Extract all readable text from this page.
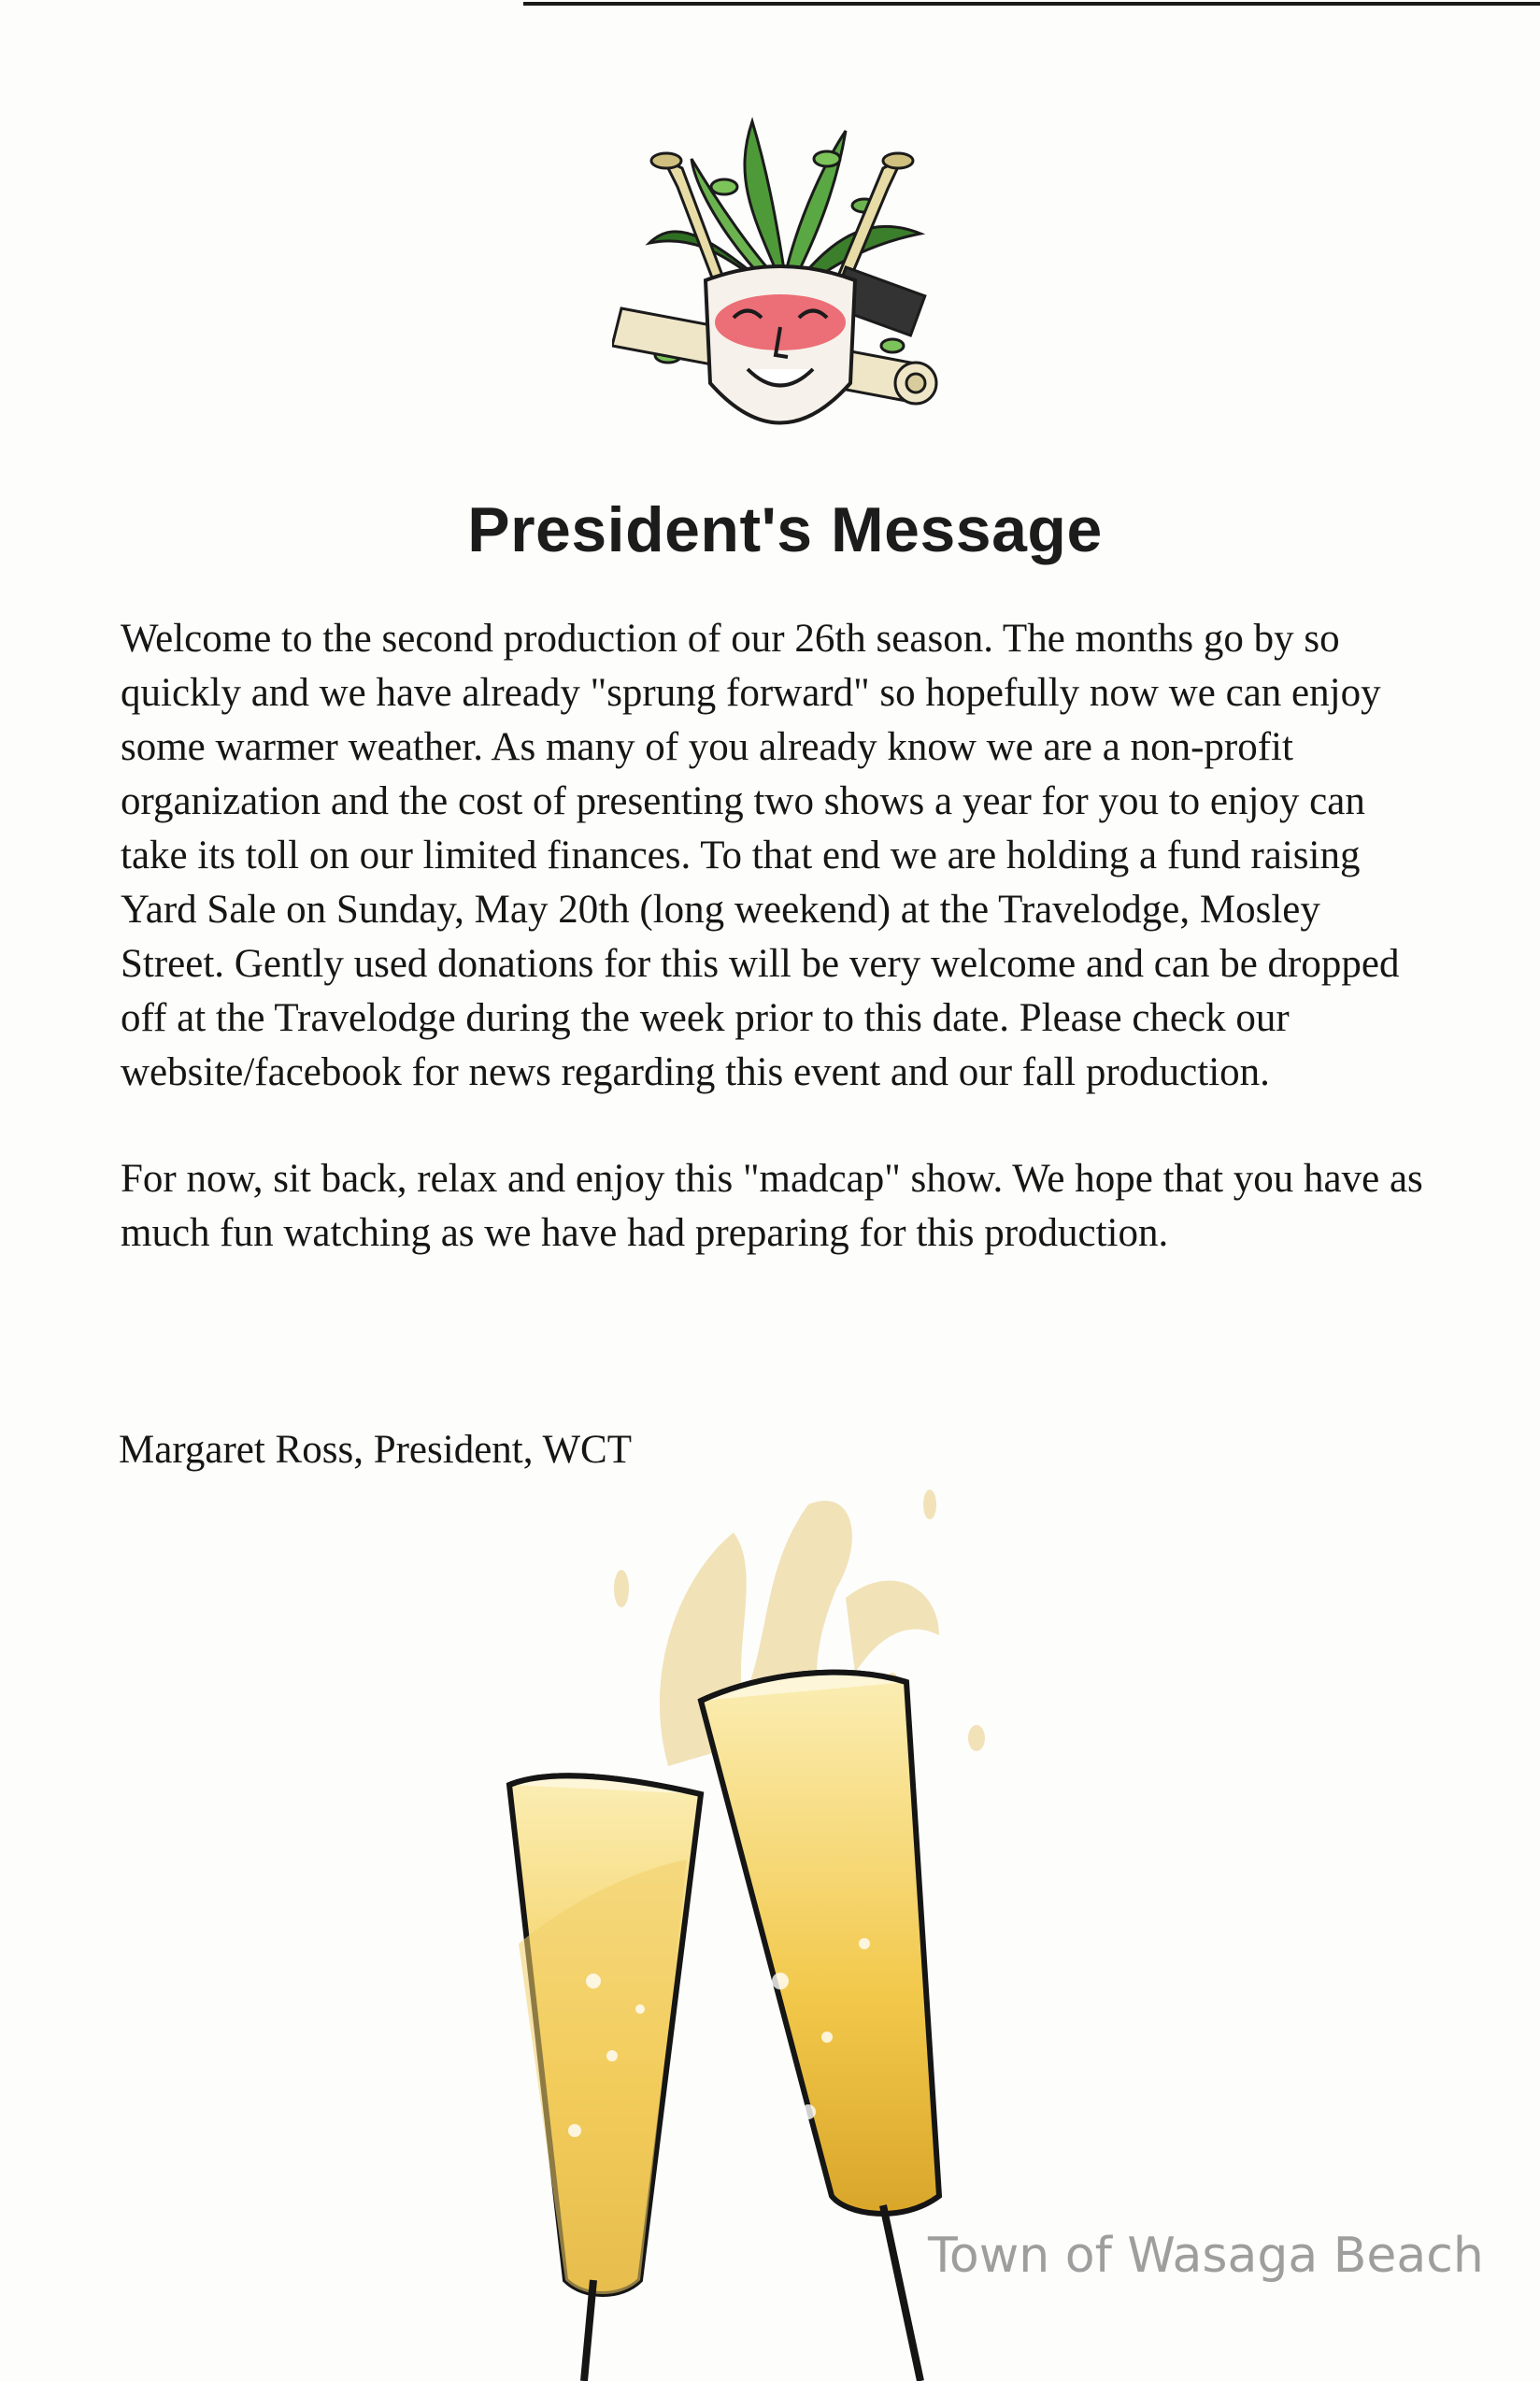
President's Message

Welcome to the second production of our 26th season. The months go by so quickly and we have already "sprung forward" so hopefully now we can enjoy some warmer weather. As many of you already know we are a non-profit organization and the cost of presenting two shows a year for you to enjoy can take its toll on our limited finances. To that end we are holding a fund raising Yard Sale on Sunday, May 20th (long weekend) at the Travelodge, Mosley Street. Gently used donations for this will be very welcome and can be dropped off at the Travelodge during the week prior to this date. Please check our website/facebook for news regarding this event and our fall production.

For now, sit back, relax and enjoy this "madcap" show. We hope that you have as much fun watching as we have had preparing for this production.

Margaret Ross, President, WCT
Town of Wasaga Beach
